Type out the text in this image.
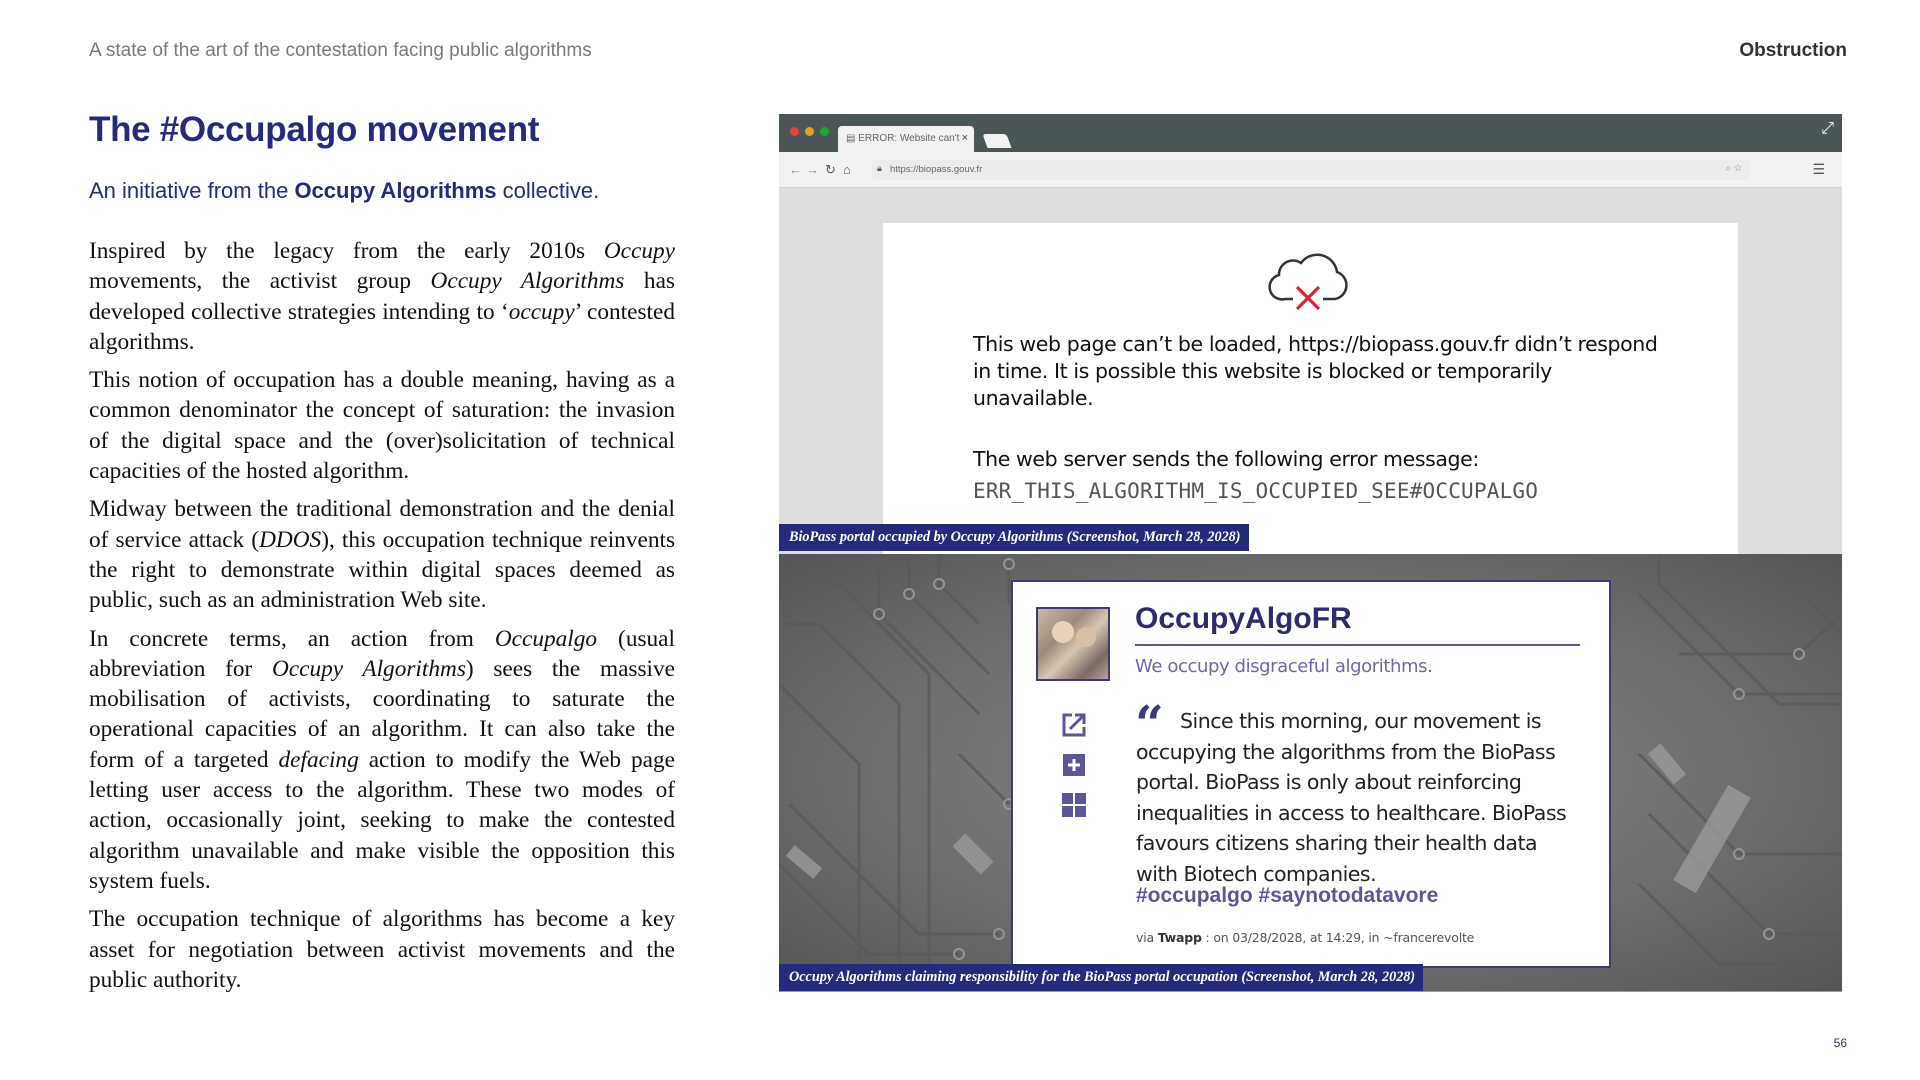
A state of the art of the contestation facing public algorithms	Obstruction
56
The #Occupalgo movement
An initiative from the Occupy Algorithms collective.

Inspired by the legacy from the early 2010s Occupy movements, the activist group Occupy Algorithms has developed collective strategies intending to ‘occupy’ contested algorithms.

This notion of occupation has a double meaning, having as a common denominator the concept of saturation: the invasion of the digital space and the (over)solicitation of technical capacities of the hosted algorithm.

Midway between the traditional demonstration and the denial of service attack (DDOS), this occupation technique reinvents the right to demonstrate within digital spaces deemed as public, such as an administration Web site.

In concrete terms, an action from Occupalgo (usual abbreviation for Occupy Algorithms) sees the massive mobilisation of activists, coordinating to saturate the operational capacities of an algorithm. It can also take the form of a targeted defacing action to modify the Web page letting user access to the algorithm. These two modes of action, occasionally joint, seeking to make the contested algorithm unavailable and make visible the opposition this system fuels.

The occupation technique of algorithms has become a key asset for negotiation between activist movements and the public authority.

▤ ERROR: Website can't ×
⤢
← → ↻ ⌂	🔒︎ https://biopass.gouv.fr	⌕ ☆	☰
This web page can’t be loaded, https://biopass.gouv.fr didn’t respond in time. It is possible this website is blocked or temporarily unavailable.
The web server sends the following error message:
ERR_THIS_ALGORITHM_IS_OCCUPIED_SEE#OCCUPALGO
OccupyAlgoFR
We occupy disgraceful algorithms.
“ Since this morning, our movement is occupying the algorithms from the BioPass portal. BioPass is only about reinforcing inequalities in access to healthcare. BioPass favours citizens sharing their health data with Biotech companies.
#occupalgo #saynotodatavore
via Twapp : on 03/28/2028, at 14:29, in ~francerevolte
BioPass portal occupied by Occupy Algorithms (Screenshot, March 28, 2028)
Occupy Algorithms claiming responsibility for the BioPass portal occupation (Screenshot, March 28, 2028)
